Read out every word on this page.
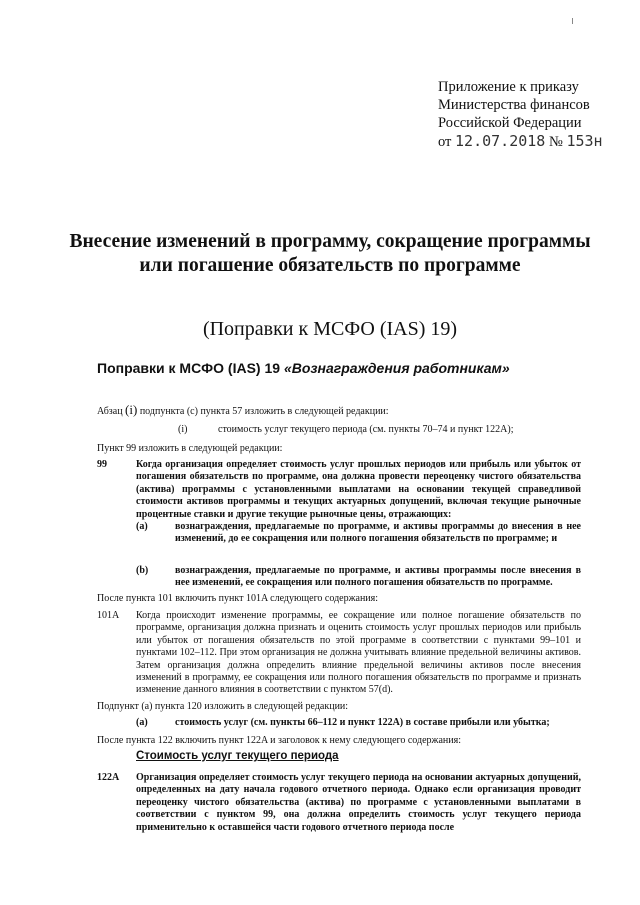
Приложение к приказу
Министерства финансов
Российской Федерации
от 12.07.2018 № 153н
Внесение изменений в программу, сокращение программы или погашение обязательств по программе
(Поправки к МСФО (IAS) 19)
Поправки к МСФО (IAS) 19 «Вознаграждения работникам»
Абзац (i) подпункта (c) пункта 57 изложить в следующей редакции:
(i)	стоимость услуг текущего периода (см. пункты 70–74 и пункт 122A);
Пункт 99 изложить в следующей редакции:
99	Когда организация определяет стоимость услуг прошлых периодов или прибыль или убыток от погашения обязательств по программе, она должна провести переоценку чистого обязательства (актива) программы с установленными выплатами на основании текущей справедливой стоимости активов программы и текущих актуарных допущений, включая текущие рыночные процентные ставки и другие текущие рыночные цены, отражающих:
(a)	вознаграждения, предлагаемые по программе, и активы программы до внесения в нее изменений, до ее сокращения или полного погашения обязательств по программе; и
(b)	вознаграждения, предлагаемые по программе, и активы программы после внесения в нее изменений, ее сокращения или полного погашения обязательств по программе.
После пункта 101 включить пункт 101A следующего содержания:
101A Когда происходит изменение программы, ее сокращение или полное погашение обязательств по программе, организация должна признать и оценить стоимость услуг прошлых периодов или прибыль или убыток от погашения обязательств по этой программе в соответствии с пунктами 99–101 и пунктами 102–112. При этом организация не должна учитывать влияние предельной величины активов. Затем организация должна определить влияние предельной величины активов после внесения изменений в программу, ее сокращения или полного погашения обязательств по программе и признать изменение данного влияния в соответствии с пунктом 57(d).
Подпункт (a) пункта 120 изложить в следующей редакции:
(a)	стоимость услуг (см. пункты 66–112 и пункт 122A) в составе прибыли или убытка;
После пункта 122 включить пункт 122A и заголовок к нему следующего содержания:
Стоимость услуг текущего периода
122A Организация определяет стоимость услуг текущего периода на основании актуарных допущений, определенных на дату начала годового отчетного периода. Однако если организация проводит переоценку чистого обязательства (актива) по программе с установленными выплатами в соответствии с пунктом 99, она должна определить стоимость услуг текущего периода применительно к оставшейся части годового отчетного периода после
